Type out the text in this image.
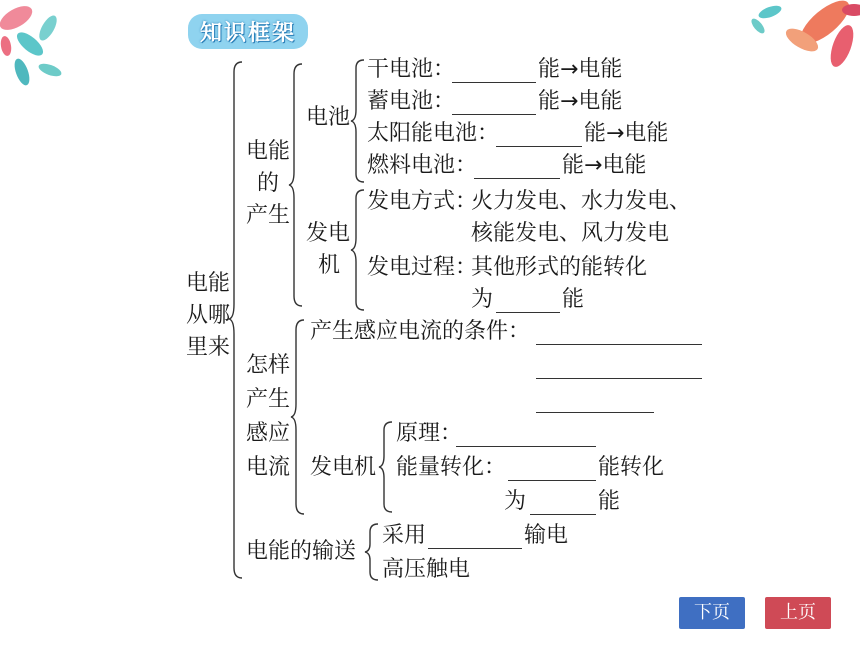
知识框架
电能
从哪
里来
电能
的
产生
电池
干电池：	能→电能
蓄电池：	能→电能
太阳能电池：	能→电能
燃料电池：	能→电能
发电
机
发电方式：
火力发电、水力发电、
核能发电、风力发电
发电过程：
其他形式的能转化
为	能
怎样
产生
感应
电流
产生感应电流的条件：
发电机
原理：
能量转化：	能转化
为	能
电能的输送
采用	输电
高压触电
下页	上页
